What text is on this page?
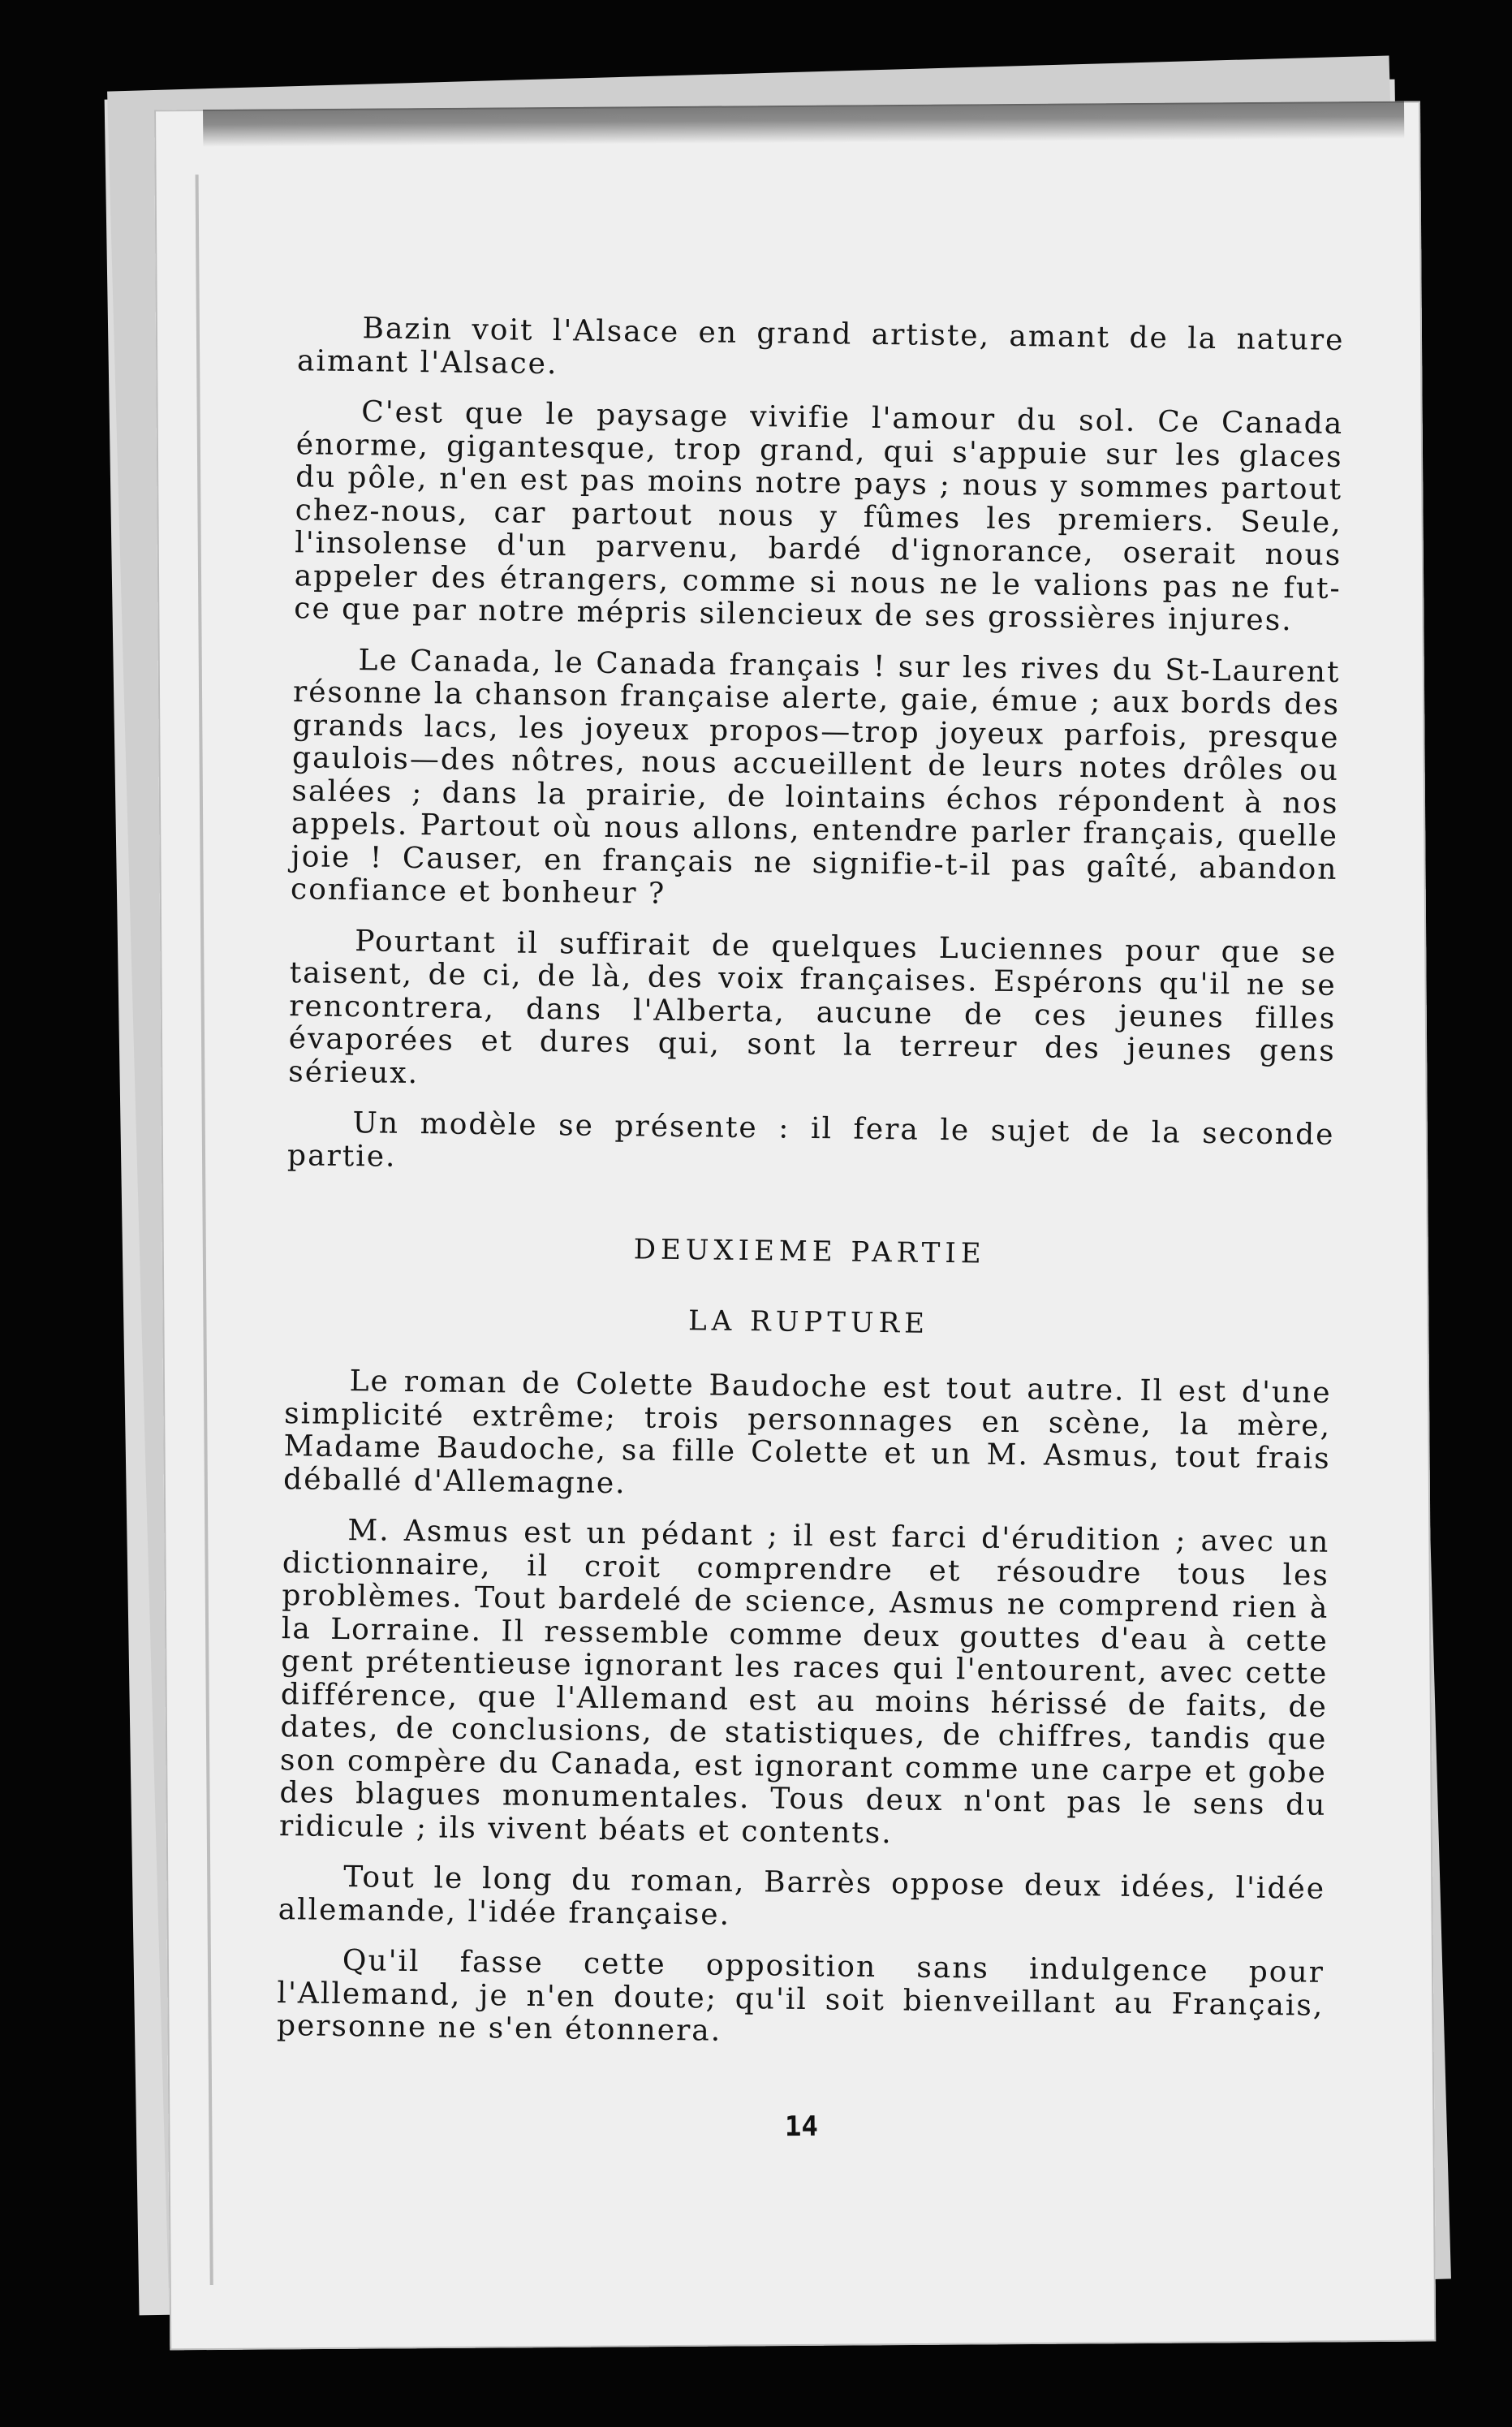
Bazin voit l'Alsace en grand artiste, amant de la nature aimant l'Alsace.

C'est que le paysage vivifie l'amour du sol. Ce Canada énorme, gigantesque, trop grand, qui s'appuie sur les glaces du pôle, n'en est pas moins notre pays ; nous y sommes partout chez-nous, car partout nous y fûmes les premiers. Seule, l'insolense d'un parvenu, bardé d'ignorance, oserait nous appeler des étrangers, comme si nous ne le valions pas ne fut-ce que par notre mépris silencieux de ses grossières injures.

Le Canada, le Canada français ! sur les rives du St-Laurent résonne la chanson française alerte, gaie, émue ; aux bords des grands lacs, les joyeux propos—trop joyeux parfois, presque gaulois—des nôtres, nous accueillent de leurs notes drôles ou salées ; dans la prairie, de lointains échos répondent à nos appels. Partout où nous allons, entendre parler français, quelle joie ! Causer, en français ne signifie-t-il pas gaîté, abandon confiance et bonheur ?

Pourtant il suffirait de quelques Luciennes pour que se taisent, de ci, de là, des voix françaises. Espérons qu'il ne se rencontrera, dans l'Alberta, aucune de ces jeunes filles évaporées et dures qui, sont la terreur des jeunes gens sérieux.

Un modèle se présente : il fera le sujet de la seconde partie.

DEUXIEME PARTIE
LA RUPTURE

Le roman de Colette Baudoche est tout autre. Il est d'une simplicité extrême; trois personnages en scène, la mère, Madame Baudoche, sa fille Colette et un M. Asmus, tout frais déballé d'Allemagne.

M. Asmus est un pédant ; il est farci d'érudition ; avec un dictionnaire, il croit comprendre et résoudre tous les problèmes. Tout bardelé de science, Asmus ne comprend rien à la Lorraine. Il ressemble comme deux gouttes d'eau à cette gent prétentieuse ignorant les races qui l'entourent, avec cette différence, que l'Allemand est au moins hérissé de faits, de dates, de conclusions, de statistiques, de chiffres, tandis que son compère du Canada, est ignorant comme une carpe et gobe des blagues monumentales. Tous deux n'ont pas le sens du ridicule ; ils vivent béats et contents.

Tout le long du roman, Barrès oppose deux idées, l'idée allemande, l'idée française.

Qu'il fasse cette opposition sans indulgence pour l'Allemand, je n'en doute; qu'il soit bienveillant au Français, personne ne s'en étonnera.

14
